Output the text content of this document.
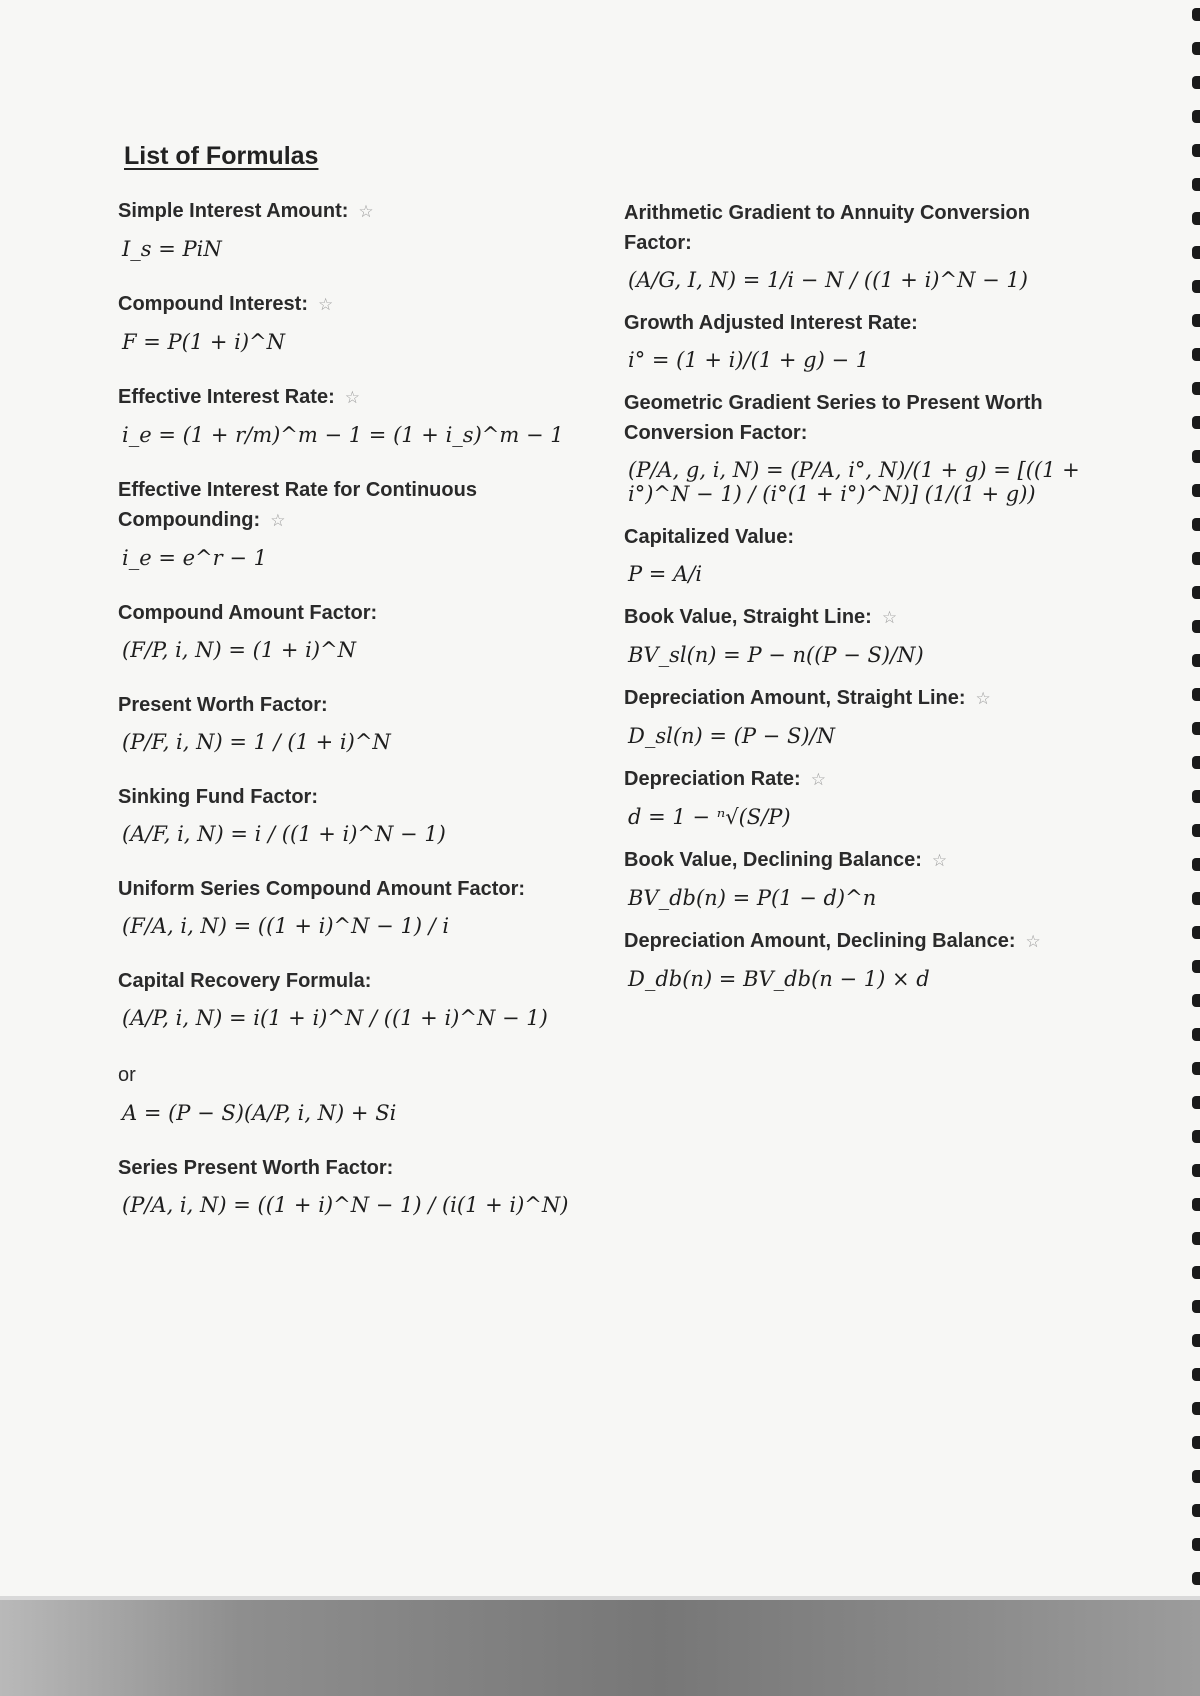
List of Formulas
Simple Interest Amount: ☆
I_s = PiN
Compound Interest: ☆
F = P(1 + i)^N
Effective Interest Rate: ☆
i_e = (1 + r/m)^m − 1 = (1 + i_s)^m − 1
Effective Interest Rate for Continuous Compounding: ☆
i_e = e^r − 1
Compound Amount Factor:
(F/P, i, N) = (1 + i)^N
Present Worth Factor:
(P/F, i, N) = 1 / (1 + i)^N
Sinking Fund Factor:
(A/F, i, N) = i / ((1 + i)^N − 1)
Uniform Series Compound Amount Factor:
(F/A, i, N) = ((1 + i)^N − 1) / i
Capital Recovery Formula:
(A/P, i, N) = i(1 + i)^N / ((1 + i)^N − 1)
or
A = (P − S)(A/P, i, N) + Si
Series Present Worth Factor:
(P/A, i, N) = ((1 + i)^N − 1) / (i(1 + i)^N)
Arithmetic Gradient to Annuity Conversion Factor:
(A/G, I, N) = 1/i − N / ((1 + i)^N − 1)
Growth Adjusted Interest Rate:
i° = (1 + i)/(1 + g) − 1
Geometric Gradient Series to Present Worth Conversion Factor:
(P/A, g, i, N) = (P/A, i°, N)/(1 + g) = [((1 + i°)^N − 1) / (i°(1 + i°)^N)] (1/(1 + g))
Capitalized Value:
P = A/i
Book Value, Straight Line: ☆
BV_sl(n) = P − n((P − S)/N)
Depreciation Amount, Straight Line: ☆
D_sl(n) = (P − S)/N
Depreciation Rate: ☆
d = 1 − ⁿ√(S/P)
Book Value, Declining Balance: ☆
BV_db(n) = P(1 − d)^n
Depreciation Amount, Declining Balance: ☆
D_db(n) = BV_db(n − 1) × d
